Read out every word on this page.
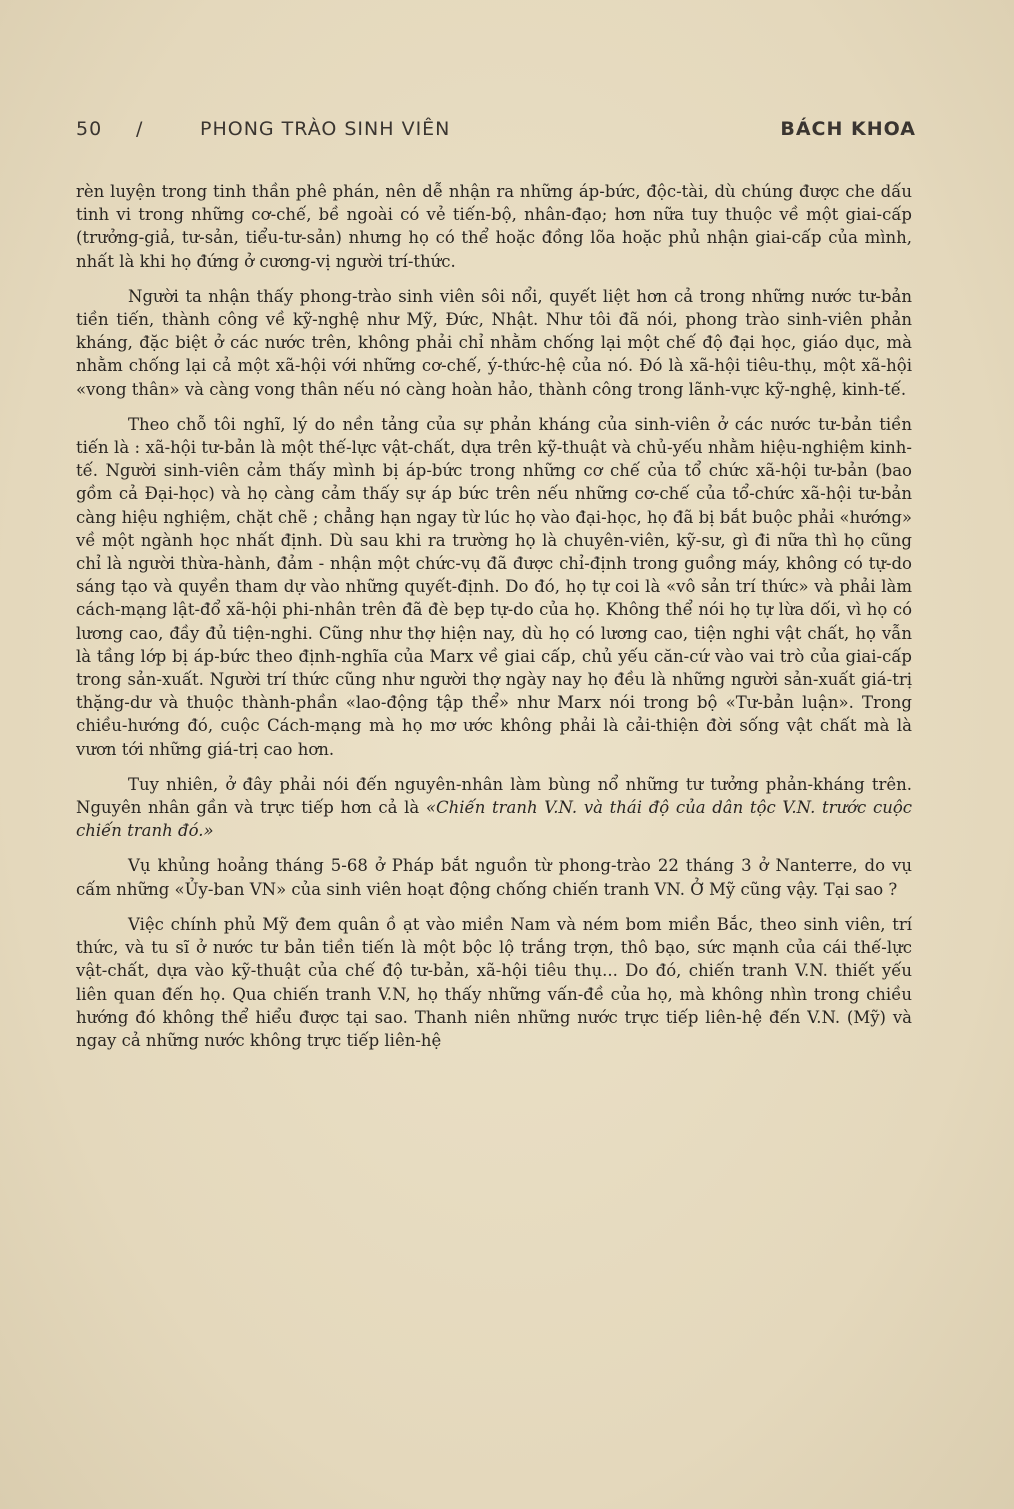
50 /	PHONG TRÀO SINH VIÊN	BÁCH KHOA

rèn luyện trong tinh thần phê phán, nên dễ nhận ra những áp-bức, độc-tài, dù chúng được che dấu tinh vi trong những cơ-chế, bề ngoài có vẻ tiến-bộ, nhân-đạo; hơn nữa tuy thuộc về một giai-cấp (trưởng-giả, tư-sản, tiểu-tư-sản) nhưng họ có thể hoặc đồng lõa hoặc phủ nhận giai-cấp của mình, nhất là khi họ đứng ở cương-vị người trí-thức.

Người ta nhận thấy phong-trào sinh viên sôi nổi, quyết liệt hơn cả trong những nước tư-bản tiền tiến, thành công về kỹ-nghệ như Mỹ, Đức, Nhật. Như tôi đã nói, phong trào sinh-viên phản kháng, đặc biệt ở các nước trên, không phải chỉ nhằm chống lại một chế độ đại học, giáo dục, mà nhằm chống lại cả một xã-hội với những cơ-chế, ý-thức-hệ của nó. Đó là xã-hội tiêu-thụ, một xã-hội «vong thân» và càng vong thân nếu nó càng hoàn hảo, thành công trong lãnh-vực kỹ-nghệ, kinh-tế.

Theo chỗ tôi nghĩ, lý do nền tảng của sự phản kháng của sinh-viên ở các nước tư-bản tiền tiến là : xã-hội tư-bản là một thế-lực vật-chất, dựa trên kỹ-thuật và chủ-yếu nhằm hiệu-nghiệm kinh-tế. Người sinh-viên cảm thấy mình bị áp-bức trong những cơ chế của tổ chức xã-hội tư-bản (bao gồm cả Đại-học) và họ càng cảm thấy sự áp bức trên nếu những cơ-chế của tổ-chức xã-hội tư-bản càng hiệu nghiệm, chặt chẽ ; chẳng hạn ngay từ lúc họ vào đại-học, họ đã bị bắt buộc phải «hướng» về một ngành học nhất định. Dù sau khi ra trường họ là chuyên-viên, kỹ-sư, gì đi nữa thì họ cũng chỉ là người thừa-hành, đảm - nhận một chức-vụ đã được chỉ-định trong guồng máy, không có tự-do sáng tạo và quyền tham dự vào những quyết-định. Do đó, họ tự coi là «vô sản trí thức» và phải làm cách-mạng lật-đổ xã-hội phi-nhân trên đã đè bẹp tự-do của họ. Không thể nói họ tự lừa dối, vì họ có lương cao, đầy đủ tiện-nghi. Cũng như thợ hiện nay, dù họ có lương cao, tiện nghi vật chất, họ vẫn là tầng lớp bị áp-bức theo định-nghĩa của Marx về giai cấp, chủ yếu căn-cứ vào vai trò của giai-cấp trong sản-xuất. Người trí thức cũng như người thợ ngày nay họ đều là những người sản-xuất giá-trị thặng-dư và thuộc thành-phần «lao-động tập thể» như Marx nói trong bộ «Tư-bản luận». Trong chiều-hướng đó, cuộc Cách-mạng mà họ mơ ước không phải là cải-thiện đời sống vật chất mà là vươn tới những giá-trị cao hơn.

Tuy nhiên, ở đây phải nói đến nguyên-nhân làm bùng nổ những tư tưởng phản-kháng trên. Nguyên nhân gần và trực tiếp hơn cả là «Chiến tranh V.N. và thái độ của dân tộc V.N. trước cuộc chiến tranh đó.»

Vụ khủng hoảng tháng 5-68 ở Pháp bắt nguồn từ phong-trào 22 tháng 3 ở Nanterre, do vụ cấm những «Ủy-ban VN» của sinh viên hoạt động chống chiến tranh VN. Ở Mỹ cũng vậy. Tại sao ?

Việc chính phủ Mỹ đem quân ồ ạt vào miền Nam và ném bom miền Bắc, theo sinh viên, trí thức, và tu sĩ ở nước tư bản tiền tiến là một bộc lộ trắng trợn, thô bạo, sức mạnh của cái thế-lực vật-chất, dựa vào kỹ-thuật của chế độ tư-bản, xã-hội tiêu thụ... Do đó, chiến tranh V.N. thiết yếu liên quan đến họ. Qua chiến tranh V.N, họ thấy những vấn-đề của họ, mà không nhìn trong chiều hướng đó không thể hiểu được tại sao. Thanh niên những nước trực tiếp liên-hệ đến V.N. (Mỹ) và ngay cả những nước không trực tiếp liên-hệ
